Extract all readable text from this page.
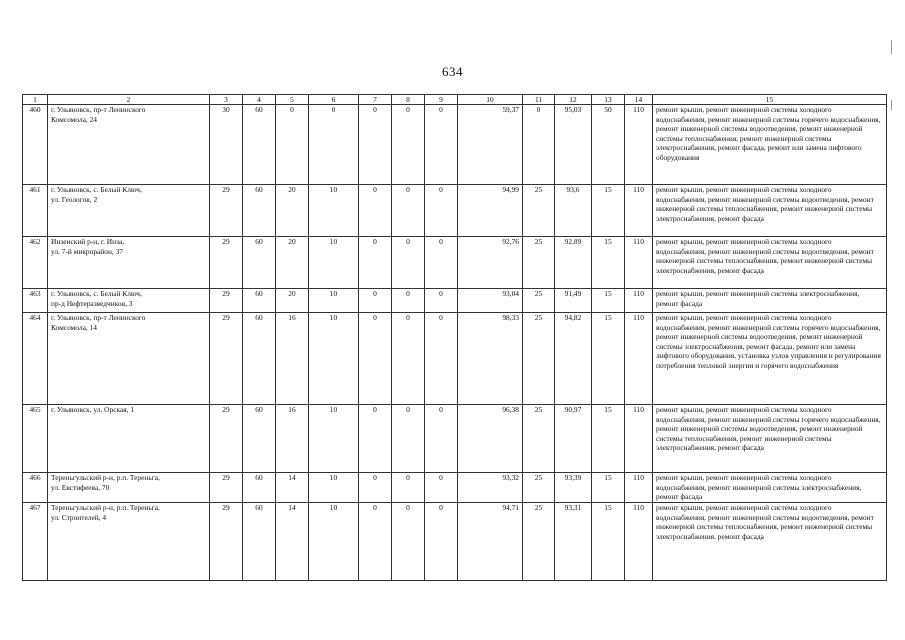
634
1	2	3	4	5	6	7	8	9	10	11	12	13	14	15
460	г. Ульяновск, пр-т Ленинского
Комсомола, 24	30	60	0	0	0	0	0	59,37	0	95,03	50	110	ремонт крыши, ремонт инженерной системы холодного водоснабжения, ремонт инженерной системы горячего водоснабжения, ремонт инженерной системы водоотведения, ремонт инженерной системы теплоснабжения, ремонт инженерной системы электроснабжения, ремонт фасада, ремонт или замена лифтового оборудования
461	г. Ульяновск, с. Белый Ключ,
ул. Геологов, 2	29	60	20	10	0	0	0	94,99	25	93,6	15	110	ремонт крыши, ремонт инженерной системы холодного водоснабжения, ремонт инженерной системы водоотведения, ремонт инженерной системы теплоснабжения, ремонт инженерной системы электроснабжения, ремонт фасада
462	Инзенский р-н, г. Инза,
ул. 7-й микрорайон, 37	29	60	20	10	0	0	0	92,76	25	92,89	15	110	ремонт крыши, ремонт инженерной системы холодного водоснабжения, ремонт инженерной системы водоотведения, ремонт инженерной системы теплоснабжения, ремонт инженерной системы электроснабжения, ремонт фасада
463	г. Ульяновск, с. Белый Ключ,
пр-д Нефтеразведчиков, 3	29	60	20	10	0	0	0	93,04	25	91,49	15	110	ремонт крыши, ремонт инженерной системы электроснабжения, ремонт фасада
464	г. Ульяновск, пр-т Ленинского
Комсомола, 14	29	60	16	10	0	0	0	98,33	25	94,82	15	110	ремонт крыши, ремонт инженерной системы холодного водоснабжения, ремонт инженерной системы горячего водоснабжения, ремонт инженерной системы водоотведения, ремонт инженерной системы электроснабжения, ремонт фасада, ремонт или замена лифтового оборудования, установка узлов управления и регулирования потребления тепловой энергии и горячего водоснабжения
465	г. Ульяновск, ул. Орская, 1	29	60	16	10	0	0	0	96,38	25	90,97	15	110	ремонт крыши, ремонт инженерной системы холодного водоснабжения, ремонт инженерной системы горячего водоснабжения, ремонт инженерной системы водоотведения, ремонт инженерной системы теплоснабжения, ремонт инженерной системы электроснабжения, ремонт фасада
466	Тереньгульский р-н, р.п. Тереньга,
ул. Евстифеева, 70	29	60	14	10	0	0	0	93,32	25	93,39	15	110	ремонт крыши, ремонт инженерной системы холодного водоснабжения, ремонт инженерной системы электроснабжения, ремонт фасада
467	Тереньгульский р-н, р.п. Тереньга,
ул. Строителей, 4	29	60	14	10	0	0	0	94,71	25	93,31	15	110	ремонт крыши, ремонт инженерной системы холодного водоснабжения, ремонт инженерной системы водоотведения, ремонт инженерной системы теплоснабжения, ремонт инженерной системы электроснабжения, ремонт фасада
